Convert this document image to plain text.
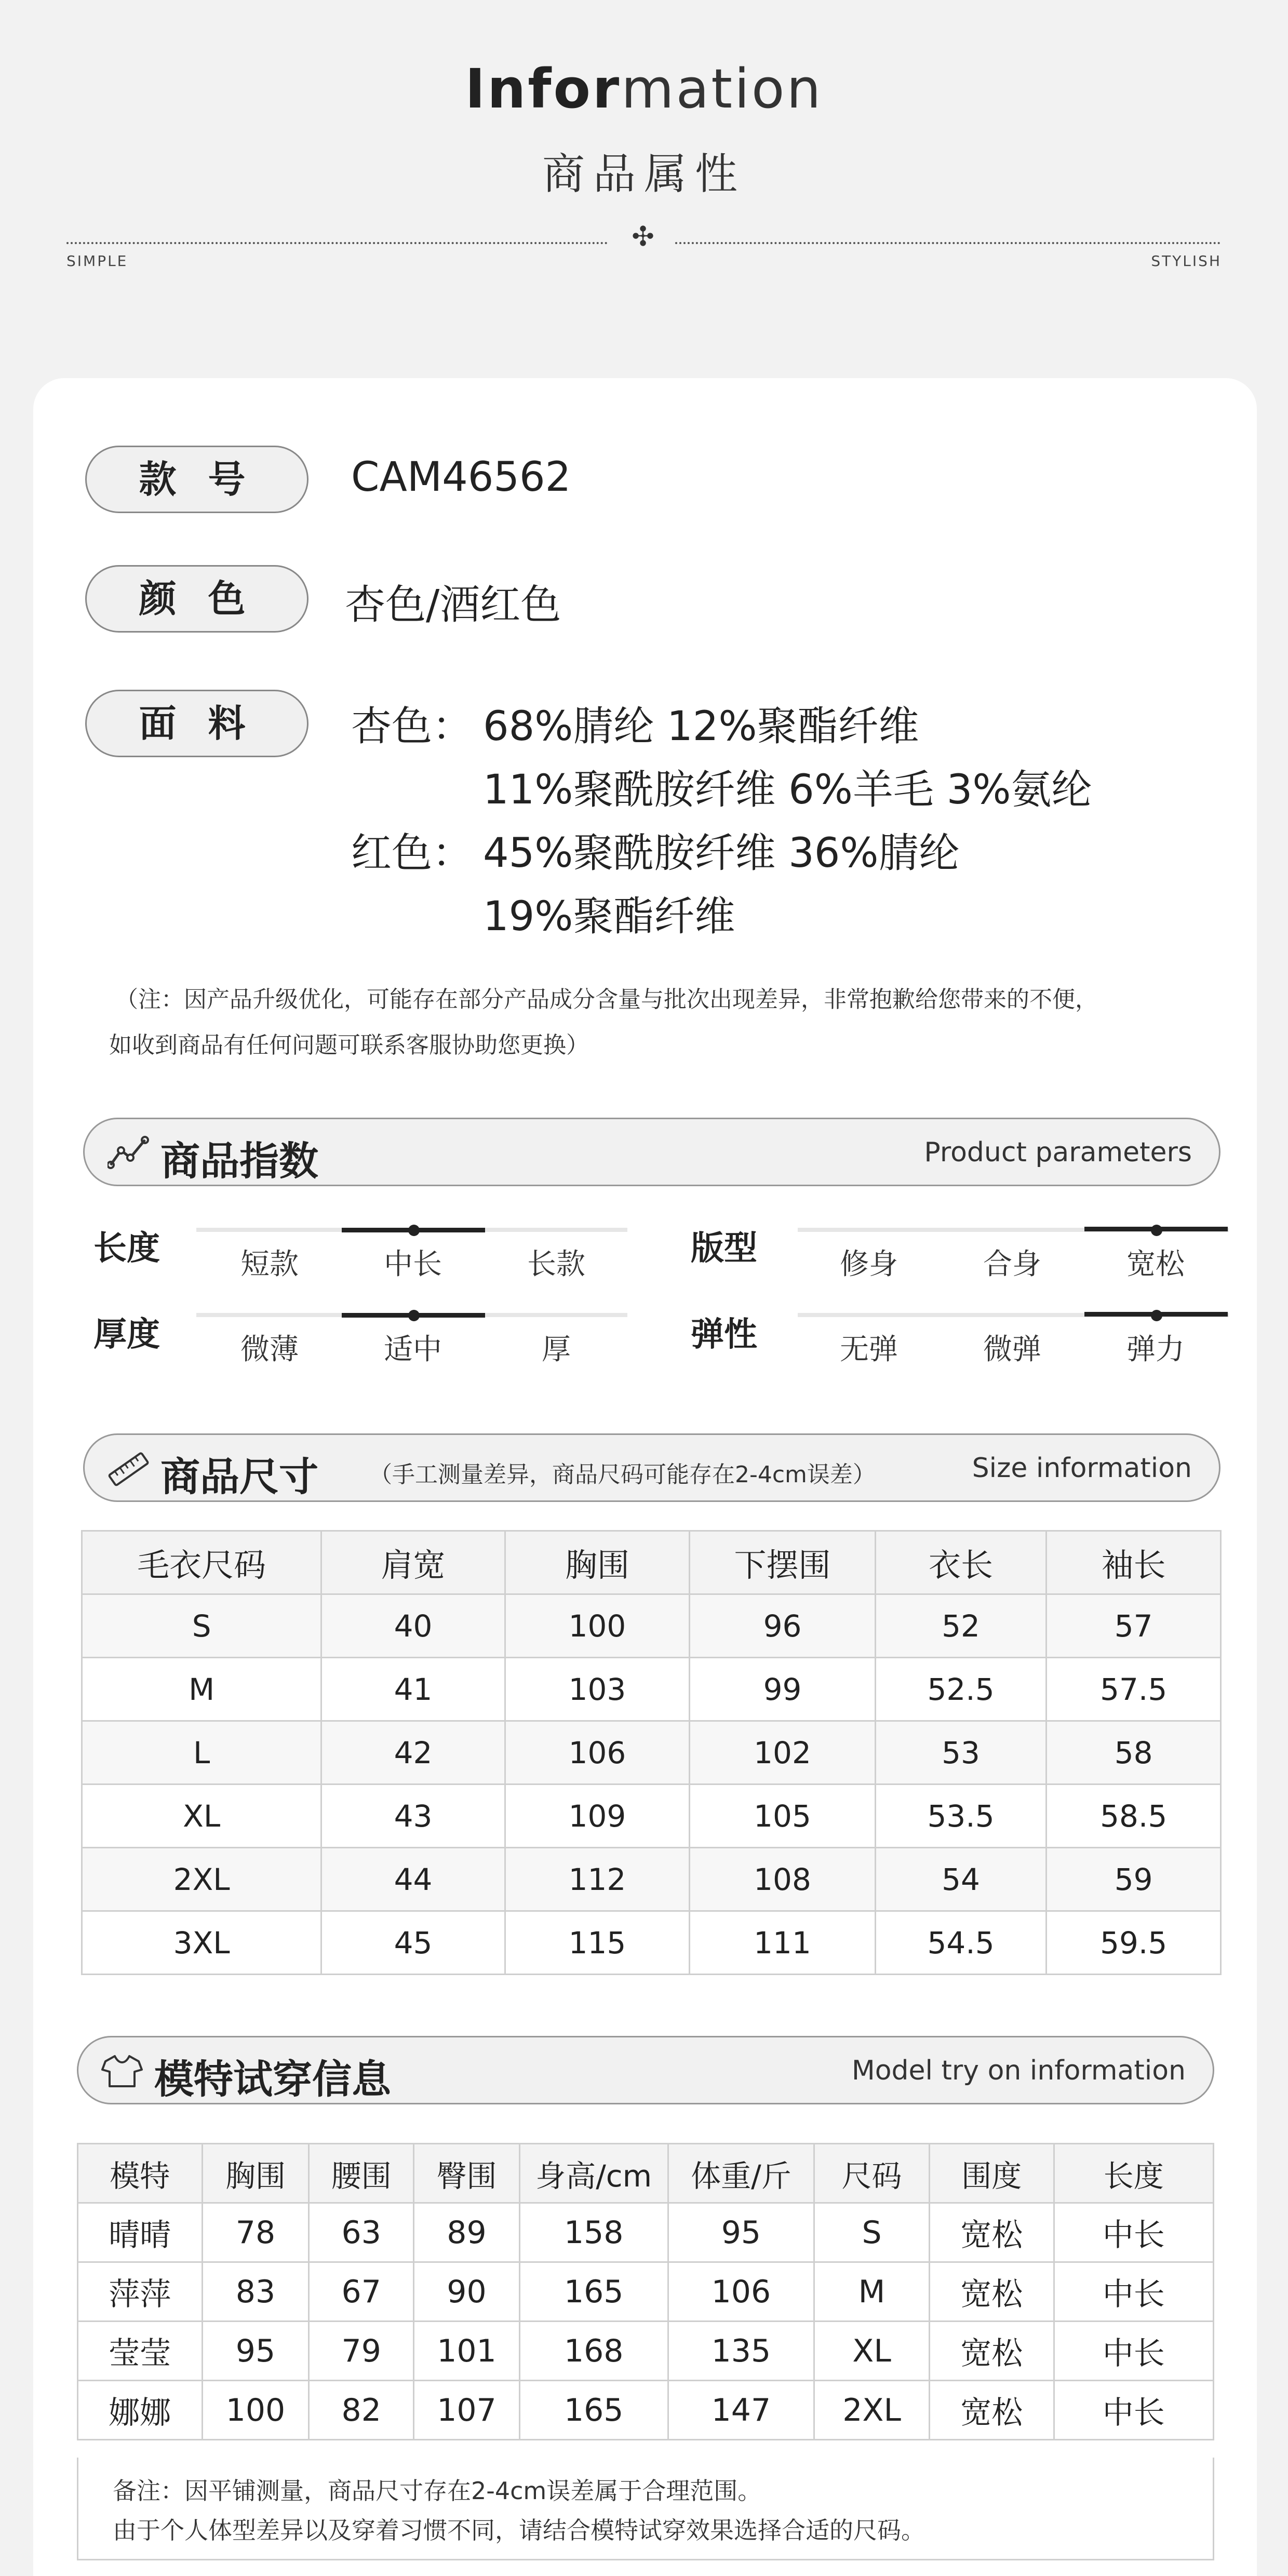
Information
商品属性
✣
SIMPLE	STYLISH
款 号	CAM46562
颜 色	杏色/酒红色
面 料	杏色： 68%腈纶 12%聚酯纤维
11%聚酰胺纤维 6%羊毛 3%氨纶
红色： 45%聚酰胺纤维 36%腈纶
19%聚酯纤维
（注：因产品升级优化，可能存在部分产品成分含量与批次出现差异，非常抱歉给您带来的不便，
如收到商品有任何问题可联系客服协助您更换）
商品指数	Product parameters
长度	短款	中长	长款	版型	修身	合身	宽松
厚度	微薄	适中	厚	弹性	无弹	微弹	弹力
商品尺寸 （手工测量差异，商品尺码可能存在2-4cm误差）	Size information
毛衣尺码	肩宽	胸围	下摆围	衣长	袖长
S	40	100	96	52	57
M	41	103	99	52.5	57.5
L	42	106	102	53	58
XL	43	109	105	53.5	58.5
2XL	44	112	108	54	59
3XL	45	115	111	54.5	59.5
模特试穿信息	Model try on information
模特	胸围	腰围	臀围	身高/cm	体重/斤	尺码	围度	长度
晴晴	78	63	89	158	95	S	宽松	中长
萍萍	83	67	90	165	106	M	宽松	中长
莹莹	95	79	101	168	135	XL	宽松	中长
娜娜	100	82	107	165	147	2XL	宽松	中长
备注：因平铺测量，商品尺寸存在2-4cm误差属于合理范围。
由于个人体型差异以及穿着习惯不同，请结合模特试穿效果选择合适的尺码。
